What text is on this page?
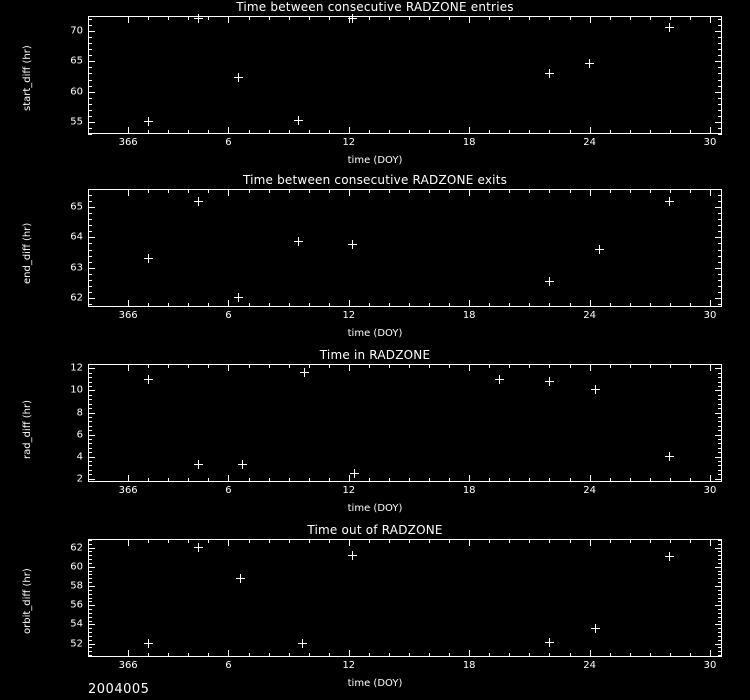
Time between consecutive RADZONE entries
start_diff (hr)
time (DOY)
366	6	12	18	24	30
55
60
65
70
Time between consecutive RADZONE exits
end_diff (hr)
time (DOY)
366	6	12	18	24	30
62
63
64
65
Time in RADZONE
rad_diff (hr)
time (DOY)
366	6	12	18	24	30
2
4
6
8
10
12
Time out of RADZONE
orbit_diff (hr)
time (DOY)
366	6	12	18	24	30
52
54
56
58
60
62
2004005
